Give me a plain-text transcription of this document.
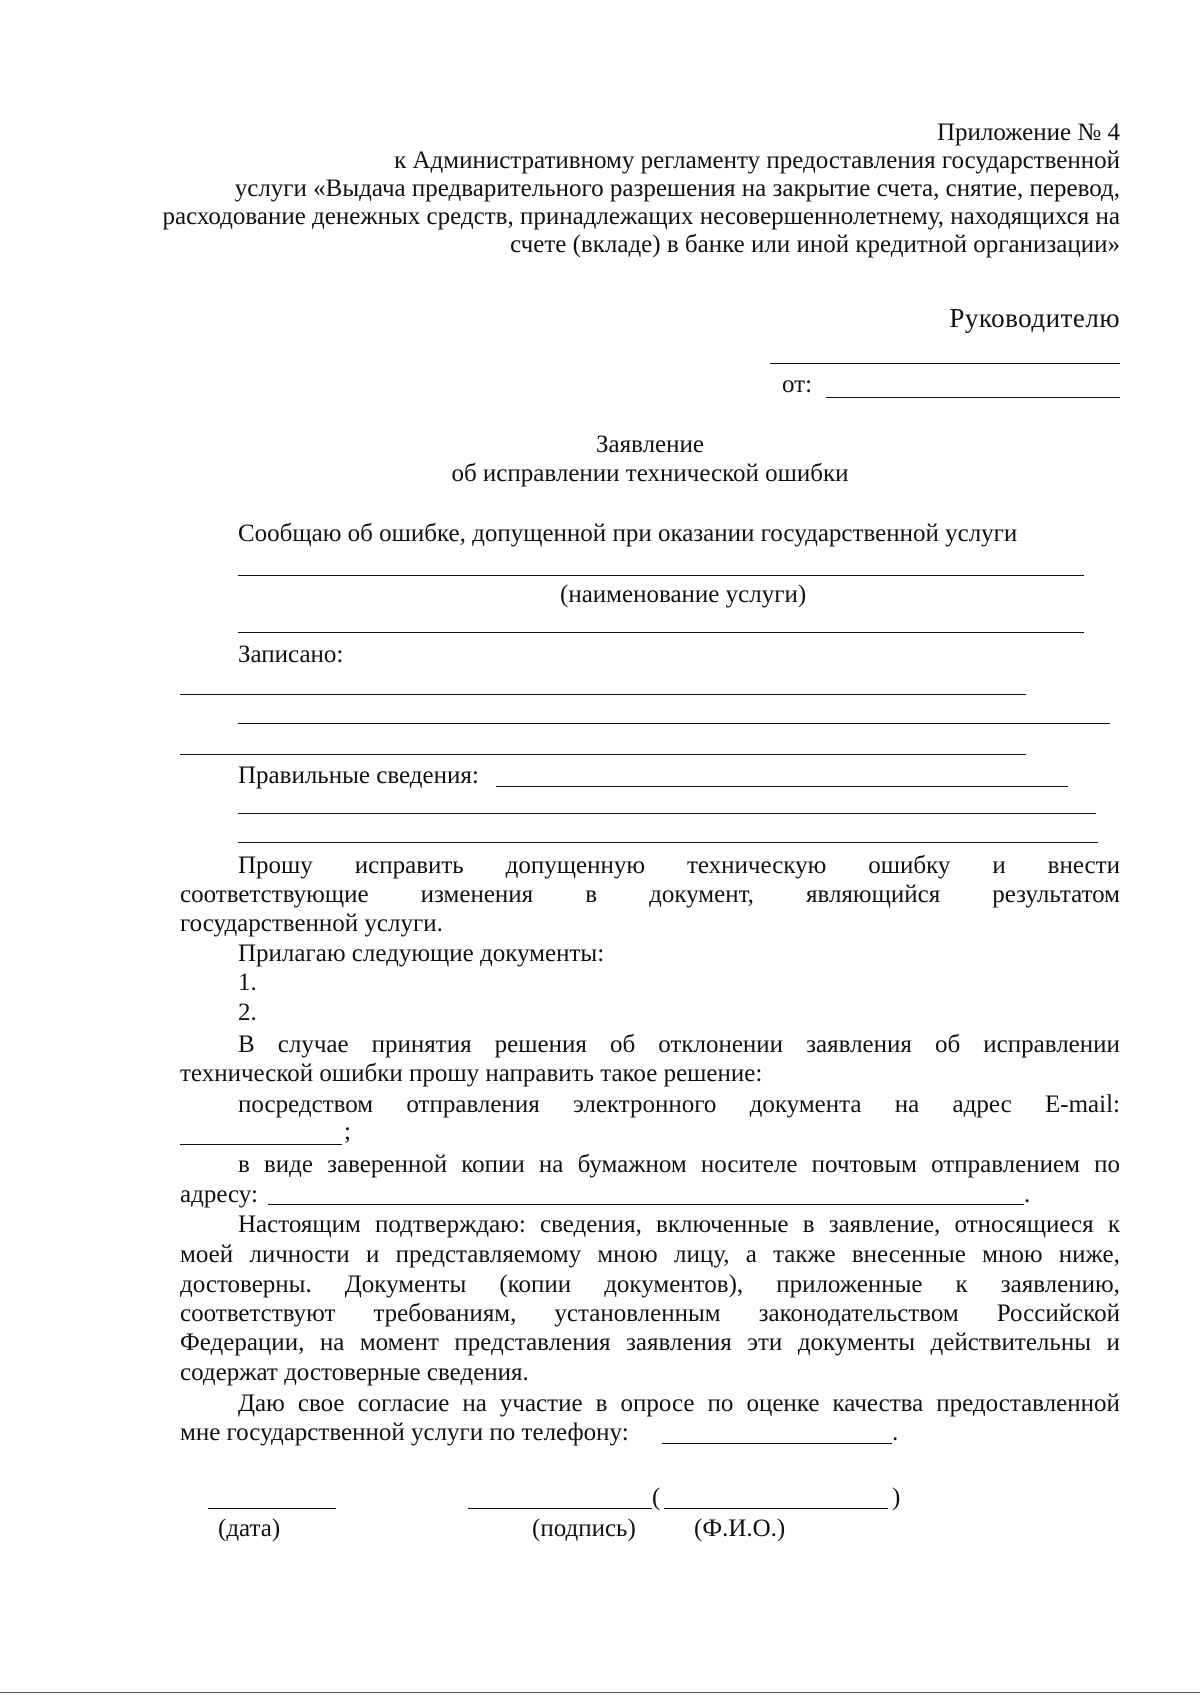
Приложение № 4
к Административному регламенту предоставления государственной
услуги «Выдача предварительного разрешения на закрытие счета, снятие, перевод,
расходование денежных средств, принадлежащих несовершеннолетнему, находящихся на
счете (вкладе) в банке или иной кредитной организации»
Руководителю
от:
Заявление
об исправлении технической ошибки
Сообщаю об ошибке, допущенной при оказании государственной услуги
(наименование услуги)
Записано:
Правильные сведения:
Прошу исправить допущенную техническую ошибку и внести
соответствующие изменения в документ, являющийся результатом
государственной услуги.
Прилагаю следующие документы:
1.
2.
В случае принятия решения об отклонении заявления об исправлении
технической ошибки прошу направить такое решение:
посредством отправления электронного документа на адрес E-mail:
;
в виде заверенной копии на бумажном носителе почтовым отправлением по
адресу:	.
Настоящим подтверждаю: сведения, включенные в заявление, относящиеся к
моей личности и представляемому мною лицу, а также внесенные мною ниже,
достоверны. Документы (копии документов), приложенные к заявлению,
соответствуют требованиям, установленным законодательством Российской
Федерации, на момент представления заявления эти документы действительны и
содержат достоверные сведения.
Даю свое согласие на участие в опросе по оценке качества предоставленной
мне государственной услуги по телефону:	.
(дата)
(	)
(подпись) (Ф.И.О.)
